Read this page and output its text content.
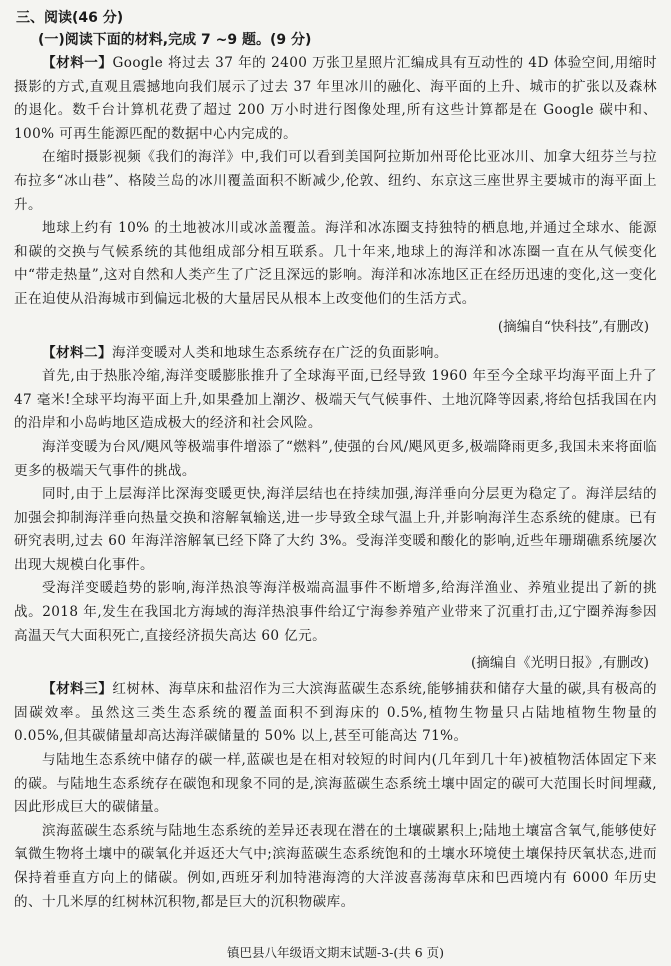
三、阅读(46 分)
(一)阅读下面的材料,完成 7 ~9 题。(9 分)

【材料一】Google 将过去 37 年的 2400 万张卫星照片汇编成具有互动性的 4D 体验空间,用缩时摄影的方式,直观且震撼地向我们展示了过去 37 年里冰川的融化、海平面的上升、城市的扩张以及森林的退化。数千台计算机花费了超过 200 万小时进行图像处理,所有这些计算都是在 Google 碳中和、100% 可再生能源匹配的数据中心内完成的。

在缩时摄影视频《我们的海洋》中,我们可以看到美国阿拉斯加州哥伦比亚冰川、加拿大纽芬兰与拉布拉多“冰山巷”、格陵兰岛的冰川覆盖面积不断减少,伦敦、纽约、东京这三座世界主要城市的海平面上升。

地球上约有 10% 的土地被冰川或冰盖覆盖。海洋和冰冻圈支持独特的栖息地,并通过全球水、能源和碳的交换与气候系统的其他组成部分相互联系。几十年来,地球上的海洋和冰冻圈一直在从气候变化中“带走热量”,这对自然和人类产生了广泛且深远的影响。海洋和冰冻地区正在经历迅速的变化,这一变化正在迫使从沿海城市到偏远北极的大量居民从根本上改变他们的生活方式。

(摘编自“快科技”,有删改)

【材料二】海洋变暖对人类和地球生态系统存在广泛的负面影响。

首先,由于热胀冷缩,海洋变暖膨胀推升了全球海平面,已经导致 1960 年至今全球平均海平面上升了 47 毫米!全球平均海平面上升,如果叠加上潮汐、极端天气气候事件、土地沉降等因素,将给包括我国在内的沿岸和小岛屿地区造成极大的经济和社会风险。

海洋变暖为台风/飓风等极端事件增添了“燃料”,使强的台风/飓风更多,极端降雨更多,我国未来将面临更多的极端天气事件的挑战。

同时,由于上层海洋比深海变暖更快,海洋层结也在持续加强,海洋垂向分层更为稳定了。海洋层结的加强会抑制海洋垂向热量交换和溶解氧输送,进一步导致全球气温上升,并影响海洋生态系统的健康。已有研究表明,过去 60 年海洋溶解氧已经下降了大约 3%。受海洋变暖和酸化的影响,近些年珊瑚礁系统屡次出现大规模白化事件。

受海洋变暖趋势的影响,海洋热浪等海洋极端高温事件不断增多,给海洋渔业、养殖业提出了新的挑战。2018 年,发生在我国北方海域的海洋热浪事件给辽宁海参养殖产业带来了沉重打击,辽宁圈养海参因高温天气大面积死亡,直接经济损失高达 60 亿元。

(摘编自《光明日报》,有删改)

【材料三】红树林、海草床和盐沼作为三大滨海蓝碳生态系统,能够捕获和储存大量的碳,具有极高的固碳效率。虽然这三类生态系统的覆盖面积不到海床的 0.5%,植物生物量只占陆地植物生物量的 0.05%,但其碳储量却高达海洋碳储量的 50% 以上,甚至可能高达 71%。

与陆地生态系统中储存的碳一样,蓝碳也是在相对较短的时间内(几年到几十年)被植物活体固定下来的碳。与陆地生态系统存在碳饱和现象不同的是,滨海蓝碳生态系统土壤中固定的碳可大范围长时间埋藏,因此形成巨大的碳储量。

滨海蓝碳生态系统与陆地生态系统的差异还表现在潜在的土壤碳累积上;陆地土壤富含氧气,能够使好氧微生物将土壤中的碳氧化并返还大气中;滨海蓝碳生态系统饱和的土壤水环境使土壤保持厌氧状态,进而保持着垂直方向上的储碳。例如,西班牙利加特港海湾的大洋波喜荡海草床和巴西境内有 6000 年历史的、十几米厚的红树林沉积物,都是巨大的沉积物碳库。

镇巴县八年级语文期末试题-3-(共 6 页)
